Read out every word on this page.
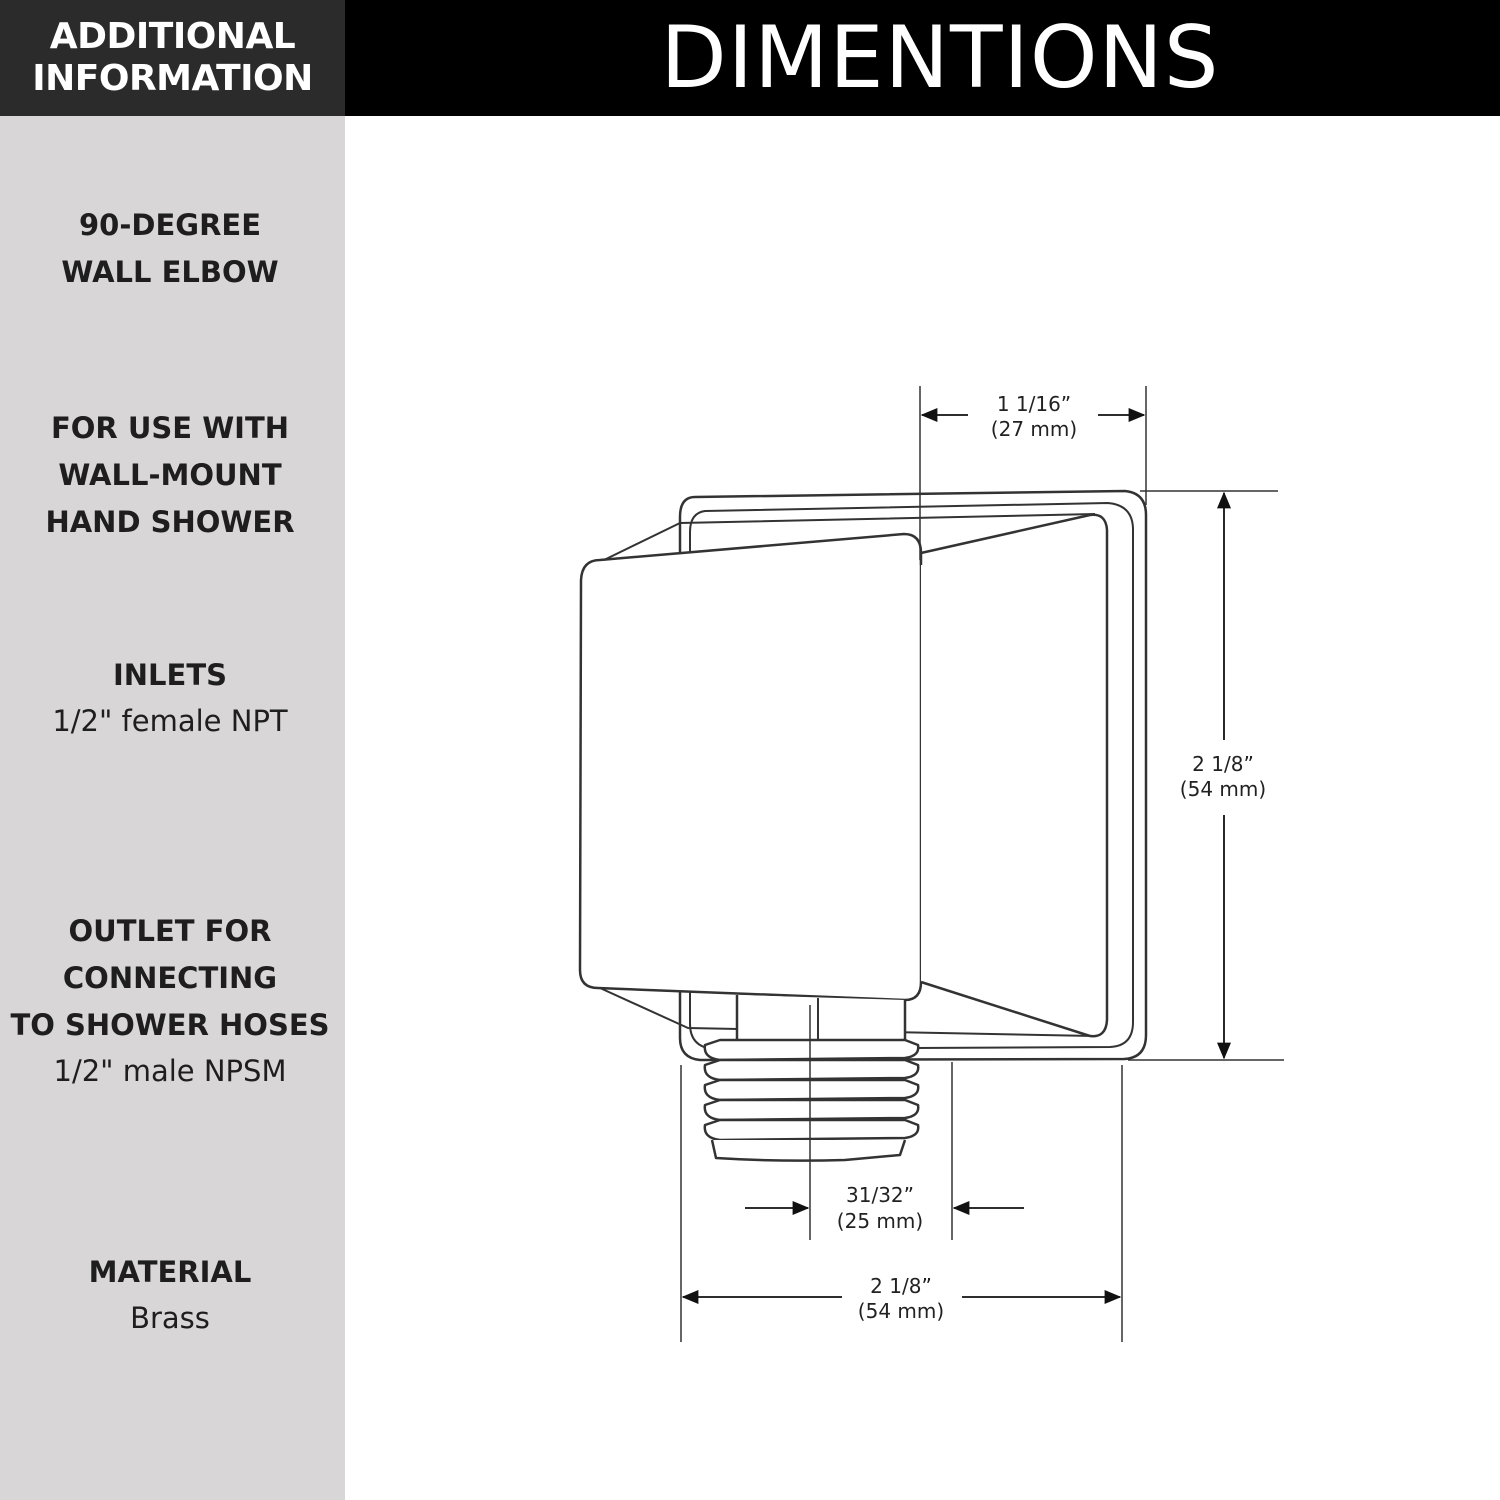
ADDITIONAL
INFORMATION
90-DEGREE
WALL ELBOW
FOR USE WITH
WALL-MOUNT
HAND SHOWER
INLETS
1/2" female NPT
OUTLET FOR
CONNECTING
TO SHOWER HOSES
1/2" male NPSM
MATERIAL
Brass
DIMENTIONS
1 1/16”
(27 mm)
2 1/8”
(54 mm)
31/32”
(25 mm)
2 1/8”
(54 mm)
